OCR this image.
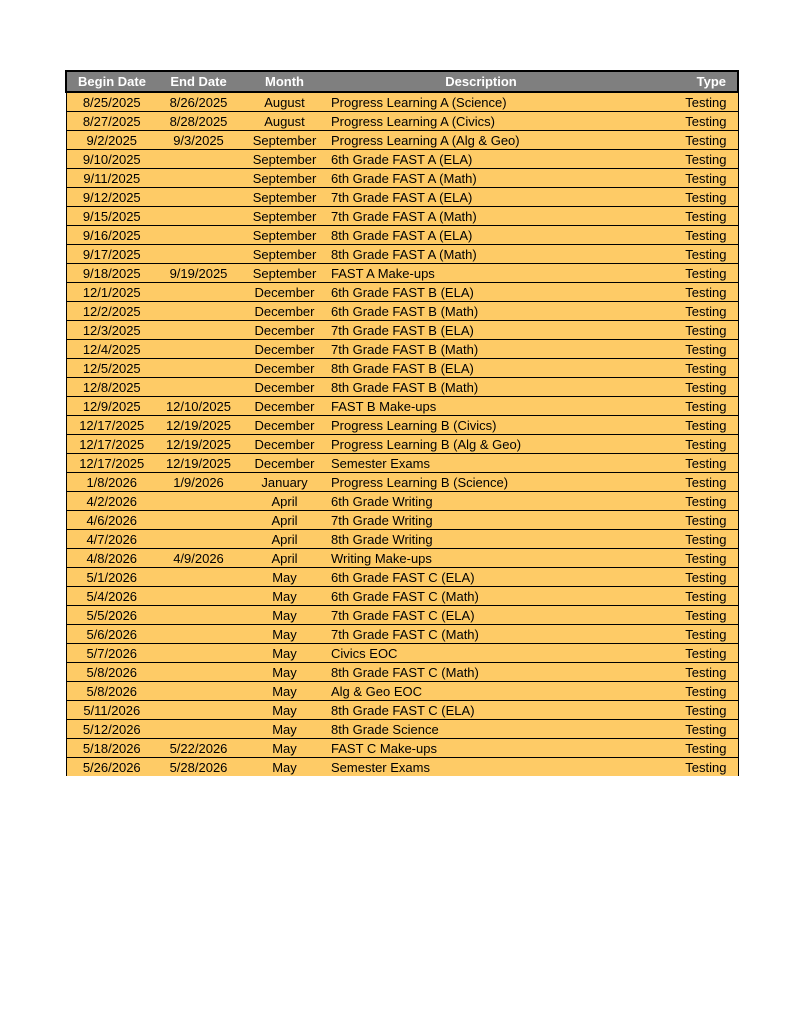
Begin Date	End Date	Month	Description	Type
8/25/2025	8/26/2025	August	Progress Learning A (Science)	Testing
8/27/2025	8/28/2025	August	Progress Learning A (Civics)	Testing
9/2/2025	9/3/2025	September	Progress Learning A (Alg & Geo)	Testing
9/10/2025		September	6th Grade FAST A (ELA)	Testing
9/11/2025		September	6th Grade FAST A (Math)	Testing
9/12/2025		September	7th Grade FAST A (ELA)	Testing
9/15/2025		September	7th Grade FAST A (Math)	Testing
9/16/2025		September	8th Grade FAST A (ELA)	Testing
9/17/2025		September	8th Grade FAST A (Math)	Testing
9/18/2025	9/19/2025	September	FAST A Make-ups	Testing
12/1/2025		December	6th Grade FAST B (ELA)	Testing
12/2/2025		December	6th Grade FAST B (Math)	Testing
12/3/2025		December	7th Grade FAST B (ELA)	Testing
12/4/2025		December	7th Grade FAST B (Math)	Testing
12/5/2025		December	8th Grade FAST B (ELA)	Testing
12/8/2025		December	8th Grade FAST B (Math)	Testing
12/9/2025	12/10/2025	December	FAST B Make-ups	Testing
12/17/2025	12/19/2025	December	Progress Learning B (Civics)	Testing
12/17/2025	12/19/2025	December	Progress Learning B (Alg & Geo)	Testing
12/17/2025	12/19/2025	December	Semester Exams	Testing
1/8/2026	1/9/2026	January	Progress Learning B (Science)	Testing
4/2/2026		April	6th Grade Writing	Testing
4/6/2026		April	7th Grade Writing	Testing
4/7/2026		April	8th Grade Writing	Testing
4/8/2026	4/9/2026	April	Writing Make-ups	Testing
5/1/2026		May	6th Grade FAST C (ELA)	Testing
5/4/2026		May	6th Grade FAST C (Math)	Testing
5/5/2026		May	7th Grade FAST C (ELA)	Testing
5/6/2026		May	7th Grade FAST C (Math)	Testing
5/7/2026		May	Civics EOC	Testing
5/8/2026		May	8th Grade FAST C (Math)	Testing
5/8/2026		May	Alg & Geo EOC	Testing
5/11/2026		May	8th Grade FAST C (ELA)	Testing
5/12/2026		May	8th Grade Science	Testing
5/18/2026	5/22/2026	May	FAST C Make-ups	Testing
5/26/2026	5/28/2026	May	Semester Exams	Testing
